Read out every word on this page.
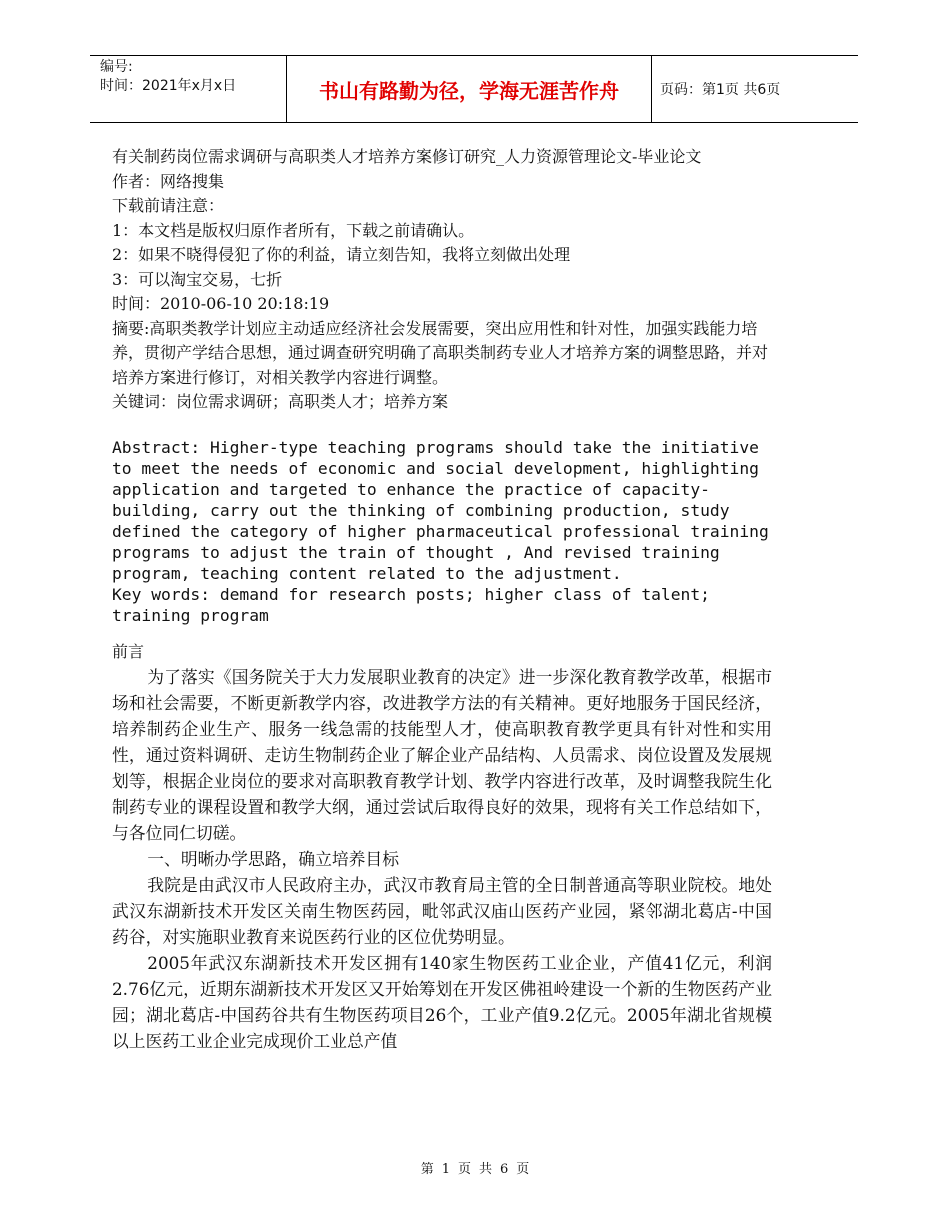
编号:
时间：2021年x月x日	书山有路勤为径，学海无涯苦作舟	页码：第1页 共6页

有关制药岗位需求调研与高职类人才培养方案修订研究_人力资源管理论文-毕业论文

作者：网络搜集

下载前请注意：

1：本文档是版权归原作者所有，下载之前请确认。

2：如果不晓得侵犯了你的利益，请立刻告知，我将立刻做出处理

3：可以淘宝交易，七折

时间：2010-06-10 20:18:19

摘要:高职类教学计划应主动适应经济社会发展需要，突出应用性和针对性，加强实践能力培养，贯彻产学结合思想，通过调查研究明确了高职类制药专业人才培养方案的调整思路，并对培养方案进行修订，对相关教学内容进行调整。

关键词：岗位需求调研；高职类人才；培养方案

Abstract: Higher-type teaching programs should take the initiative to meet the needs of economic and social development, highlighting application and targeted to enhance the practice of capacity-building, carry out the thinking of combining production, study defined the category of higher pharmaceutical professional training programs to adjust the train of thought , And revised training program, teaching content related to the adjustment.

Key words: demand for research posts; higher class of talent; training program

前言

为了落实《国务院关于大力发展职业教育的决定》进一步深化教育教学改革，根据市场和社会需要，不断更新教学内容，改进教学方法的有关精神。更好地服务于国民经济，培养制药企业生产、服务一线急需的技能型人才，使高职教育教学更具有针对性和实用性，通过资料调研、走访生物制药企业了解企业产品结构、人员需求、岗位设置及发展规划等，根据企业岗位的要求对高职教育教学计划、教学内容进行改革，及时调整我院生化制药专业的课程设置和教学大纲，通过尝试后取得良好的效果，现将有关工作总结如下，与各位同仁切磋。

一、明晰办学思路，确立培养目标

我院是由武汉市人民政府主办，武汉市教育局主管的全日制普通高等职业院校。地处武汉东湖新技术开发区关南生物医药园，毗邻武汉庙山医药产业园，紧邻湖北葛店-中国药谷，对实施职业教育来说医药行业的区位优势明显。

2005年武汉东湖新技术开发区拥有140家生物医药工业企业，产值41亿元，利润2.76亿元，近期东湖新技术开发区又开始筹划在开发区佛祖岭建设一个新的生物医药产业园；湖北葛店-中国药谷共有生物医药项目26个，工业产值9.2亿元。2005年湖北省规模以上医药工业企业完成现价工业总产值

第 1 页 共 6 页
